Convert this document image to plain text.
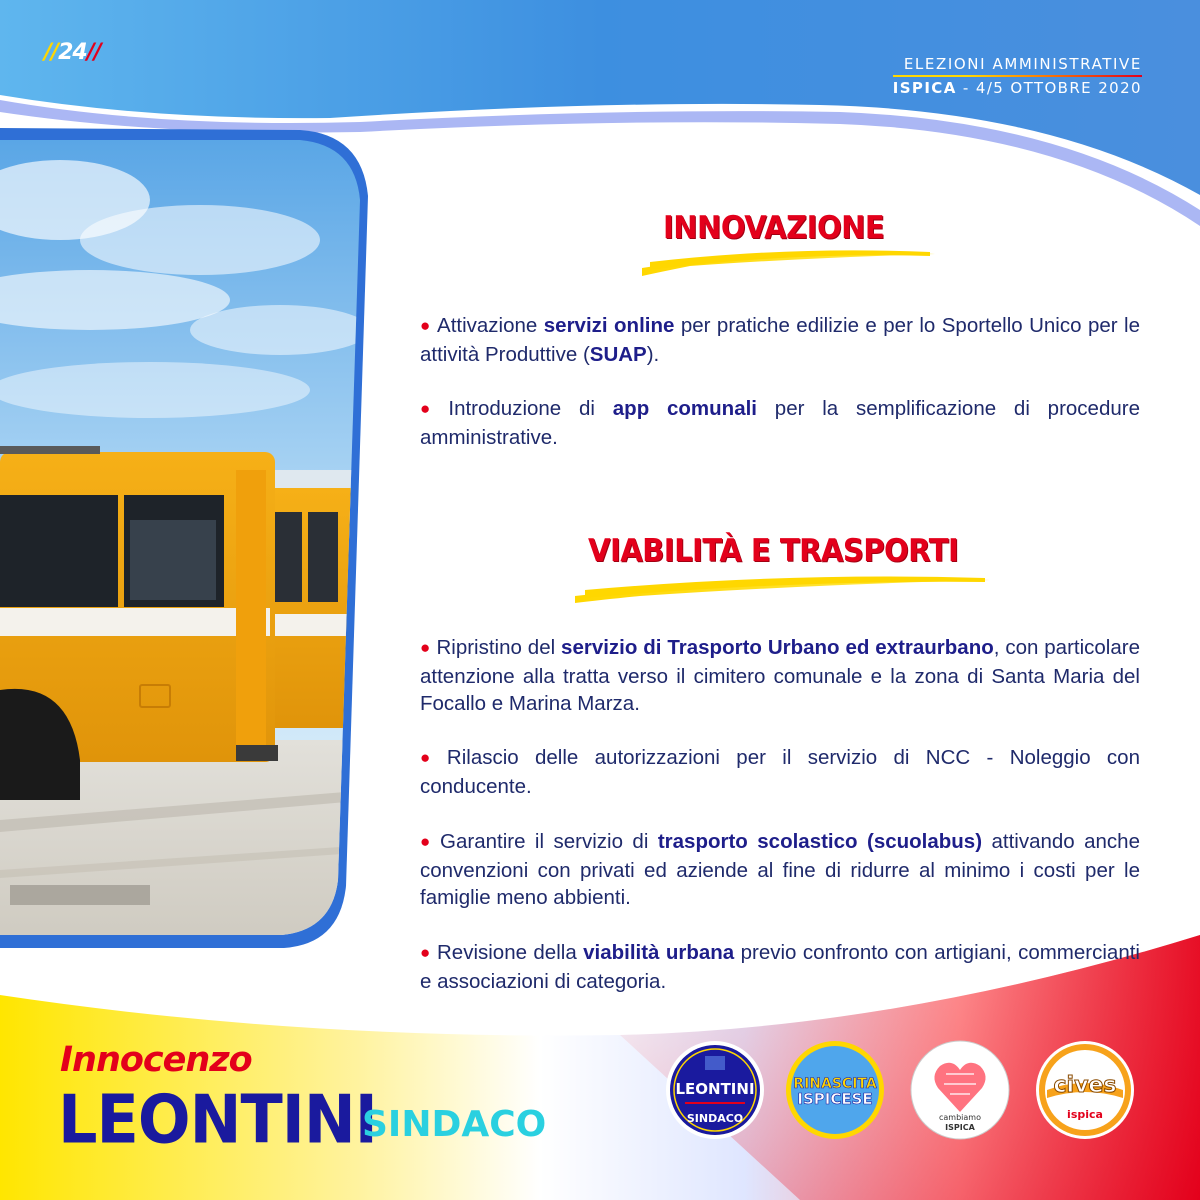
//24//	ELEZIONI AMMINISTRATIVE
ISPICA - 4/5 OTTOBRE 2020
INNOVAZIONE
VIABILITÀ E TRASPORTI
● Attivazione servizi online per pratiche edilizie e per lo Sportello Unico per le attività Produttive (SUAP).
● Introduzione di app comunali per la semplificazione di procedure amministrative.
● Ripristino del servizio di Trasporto Urbano ed extraurbano, con particolare attenzione alla tratta verso il cimitero comunale e la zona di Santa Maria del Focallo e Marina Marza.
● Rilascio delle autorizzazioni per il servizio di NCC - Noleggio con conducente.
● Garantire il servizio di trasporto scolastico (scuolabus) attivando anche convenzioni con privati ed aziende al fine di ridurre al minimo i costi per le famiglie meno abbienti.
● Revisione della viabilità urbana previo confronto con artigiani, commercianti e associazioni di categoria.
Innocenzo
LEONTINI
SINDACO
LEONTINI
SINDACO
RINASCITA
ISPICESE
cambiamo
ISPICA
cives
ispica
